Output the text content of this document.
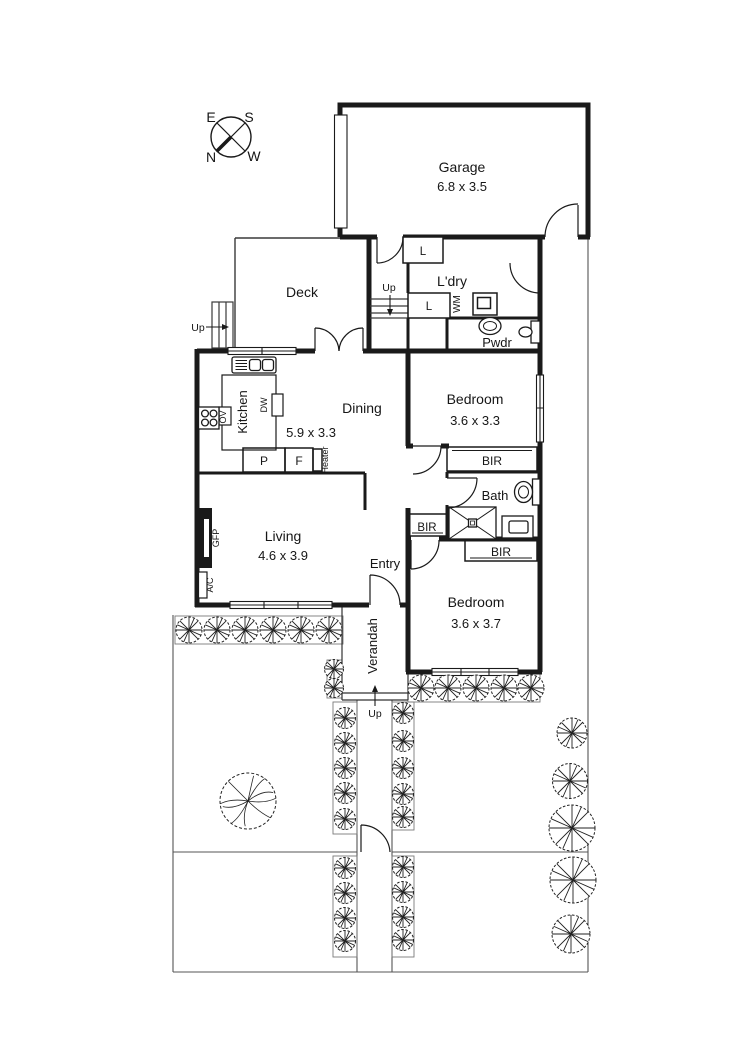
E S
N W
Garage
6.8 x 3.5
Deck
L'dry
L
L WM
Pwdr
Up
Up
Kitchen
OV
DW	Dining
5.9 x 3.3
P F Heater
Bedroom
3.6 x 3.3
BIR
Bath
BIR
BIR
Living
4.6 x 3.9
GFP
A/C
Entry
Bedroom
3.6 x 3.7
Verandah
Up
